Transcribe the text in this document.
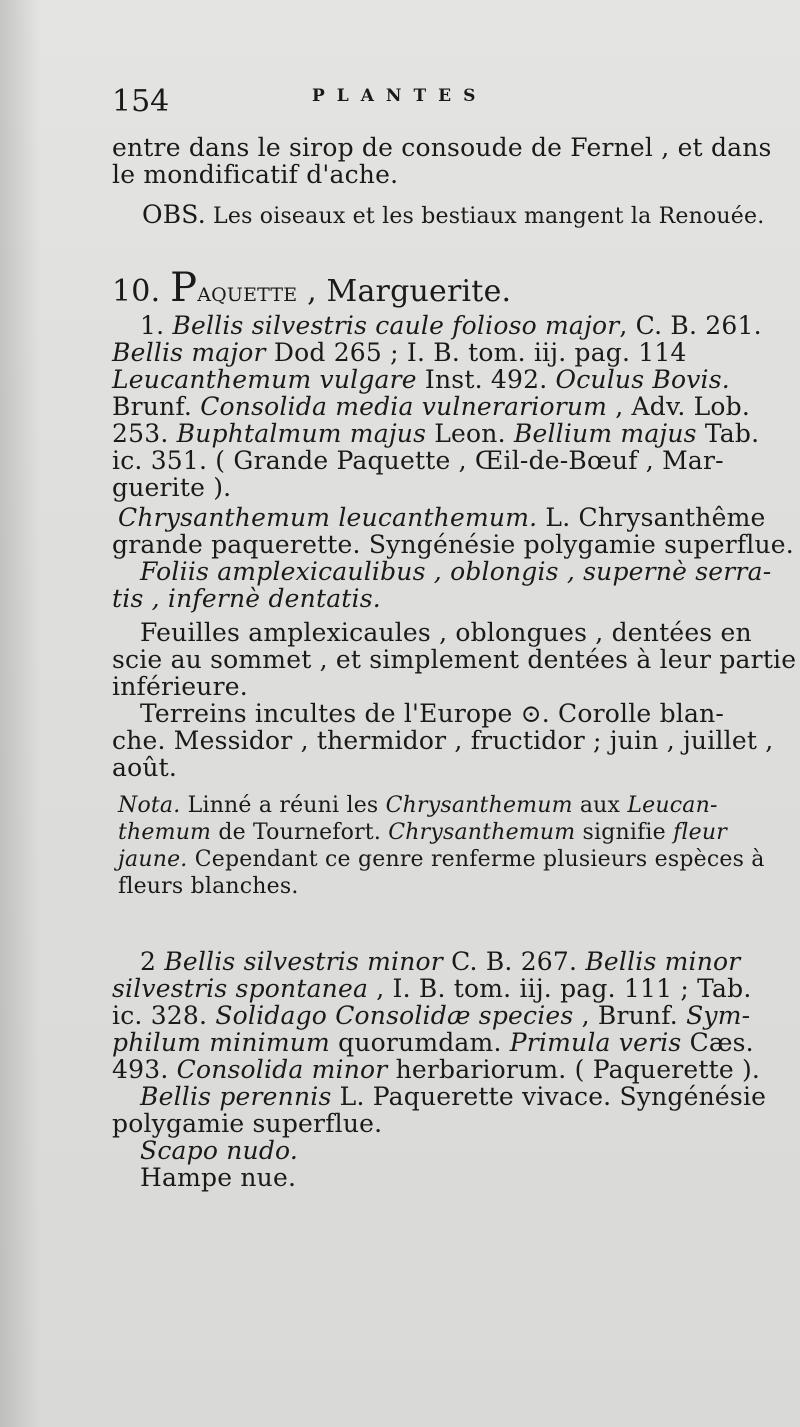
154	PLANTES
entre dans le sirop de consoude de Fernel , et dans
le mondificatif d'ache.
OBS. Les oiseaux et les bestiaux mangent la Renouée.
10. PAQUETTE , Marguerite.
1. Bellis silvestris caule folioso major, C. B. 261.
Bellis major Dod 265 ; I. B. tom. iij. pag. 114
Leucanthemum vulgare Inst. 492. Oculus Bovis.
Brunf. Consolida media vulnerariorum , Adv. Lob.
253. Buphtalmum majus Leon. Bellium majus Tab.
ic. 351. ( Grande Paquette , Œil-de-Bœuf , Mar-
guerite ).
Chrysanthemum leucanthemum. L. Chrysanthême
grande paquerette. Syngénésie polygamie superflue.
Foliis amplexicaulibus , oblongis , supernè serra-
tis , infernè dentatis.
Feuilles amplexicaules , oblongues , dentées en
scie au sommet , et simplement dentées à leur partie
inférieure.
Terreins incultes de l'Europe ⊙. Corolle blan-
che. Messidor , thermidor , fructidor ; juin , juillet ,
août.
Nota. Linné a réuni les Chrysanthemum aux Leucan-
themum de Tournefort. Chrysanthemum signifie fleur
jaune. Cependant ce genre renferme plusieurs espèces à
fleurs blanches.
2 Bellis silvestris minor C. B. 267. Bellis minor
silvestris spontanea , I. B. tom. iij. pag. 111 ; Tab.
ic. 328. Solidago Consolidæ species , Brunf. Sym-
philum minimum quorumdam. Primula veris Cæs.
493. Consolida minor herbariorum. ( Paquerette ).
Bellis perennis L. Paquerette vivace. Syngénésie
polygamie superflue.
Scapo nudo.
Hampe nue.
